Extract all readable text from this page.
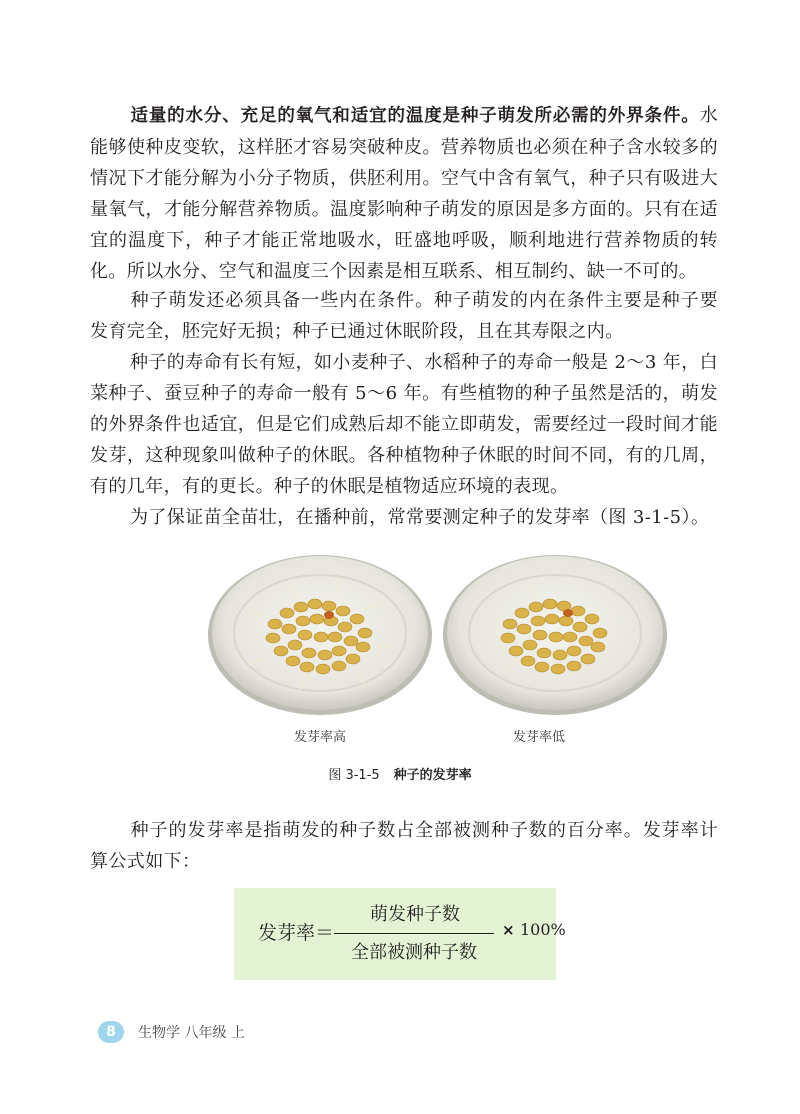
适量的水分、充足的氧气和适宜的温度是种子萌发所必需的外界条件。水能够使种皮变软，这样胚才容易突破种皮。营养物质也必须在种子含水较多的情况下才能分解为小分子物质，供胚利用。空气中含有氧气，种子只有吸进大量氧气，才能分解营养物质。温度影响种子萌发的原因是多方面的。只有在适宜的温度下，种子才能正常地吸水，旺盛地呼吸，顺利地进行营养物质的转化。所以水分、空气和温度三个因素是相互联系、相互制约、缺一不可的。

种子萌发还必须具备一些内在条件。种子萌发的内在条件主要是种子要发育完全，胚完好无损；种子已通过休眠阶段，且在其寿限之内。

种子的寿命有长有短，如小麦种子、水稻种子的寿命一般是 2～3 年，白菜种子、蚕豆种子的寿命一般有 5～6 年。有些植物的种子虽然是活的，萌发的外界条件也适宜，但是它们成熟后却不能立即萌发，需要经过一段时间才能发芽，这种现象叫做种子的休眠。各种植物种子休眠的时间不同，有的几周，有的几年，有的更长。种子的休眠是植物适应环境的表现。

为了保证苗全苗壮，在播种前，常常要测定种子的发芽率（图 3-1-5）。

发芽率高	发芽率低
图 3-1-5 种子的发芽率

种子的发芽率是指萌发的种子数占全部被测种子数的百分率。发芽率计算公式如下：

发芽率＝
萌发种子数
全部被测种子数
× 100%
8	生物学 八年级 上
